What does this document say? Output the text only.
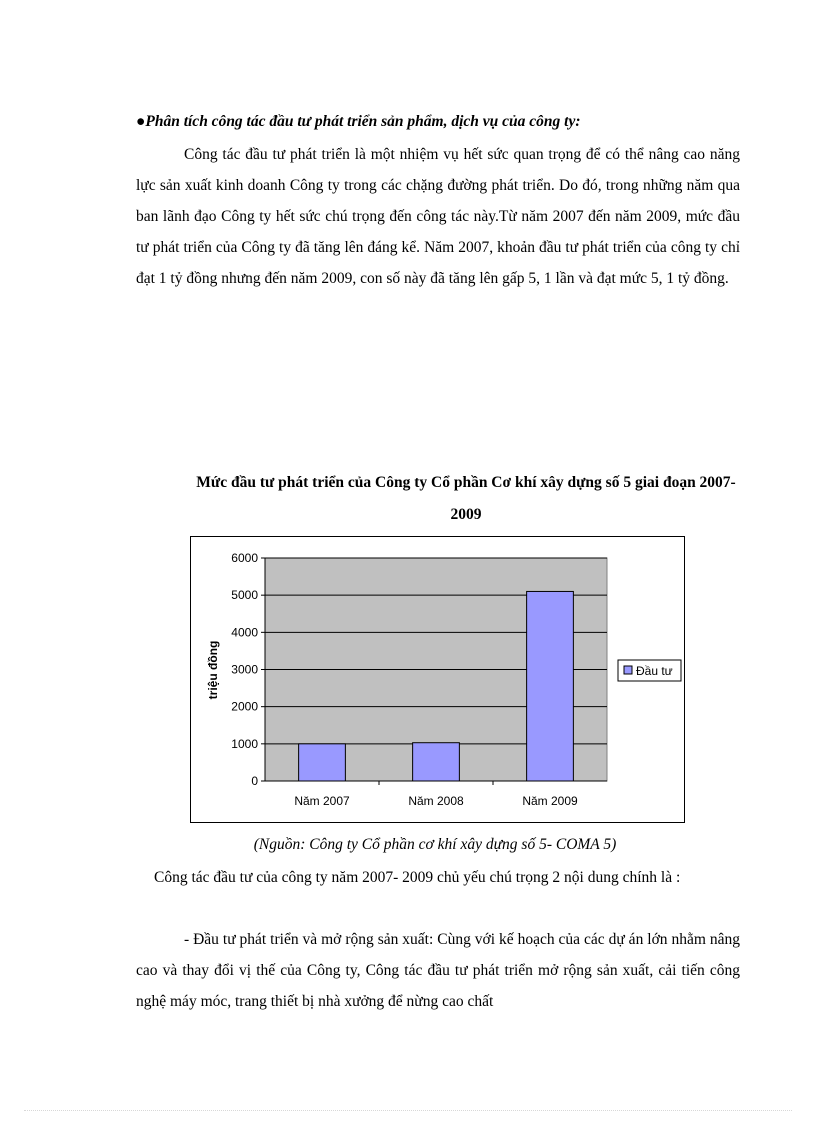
●Phân tích công tác đầu tư phát triển sản phẩm, dịch vụ của công ty:

Công tác đầu tư phát triển là một nhiệm vụ hết sức quan trọng để có thể nâng cao năng lực sản xuất kinh doanh Công ty trong các chặng đường phát triển. Do đó, trong những năm qua ban lãnh đạo Công ty hết sức chú trọng đến công tác này.Từ năm 2007 đến năm 2009, mức đầu tư phát triển của Công ty đã tăng lên đáng kể. Năm 2007, khoản đầu tư phát triển của công ty chỉ đạt 1 tỷ đồng nhưng đến năm 2009, con số này đã tăng lên gấp 5, 1 lần và đạt mức 5, 1 tỷ đồng.

Mức đầu tư phát triển của Công ty Cổ phần Cơ khí xây dựng số 5 giai đoạn 2007- 2009
0
1000
2000
3000
4000
5000
6000
Năm 2007	Năm 2008	Năm 2009
triệu đồng	Đầu tư
(Nguồn: Công ty Cổ phần cơ khí xây dựng số 5- COMA 5)

Công tác đầu tư của công ty năm 2007- 2009 chủ yếu chú trọng 2 nội dung chính là :

- Đầu tư phát triển và mở rộng sản xuất: Cùng với kế hoạch của các dự án lớn nhằm nâng cao và thay đổi vị thế của Công ty, Công tác đầu tư phát triển mở rộng sản xuất, cải tiến công nghệ máy móc, trang thiết bị nhà xưởng để nừng cao chất
